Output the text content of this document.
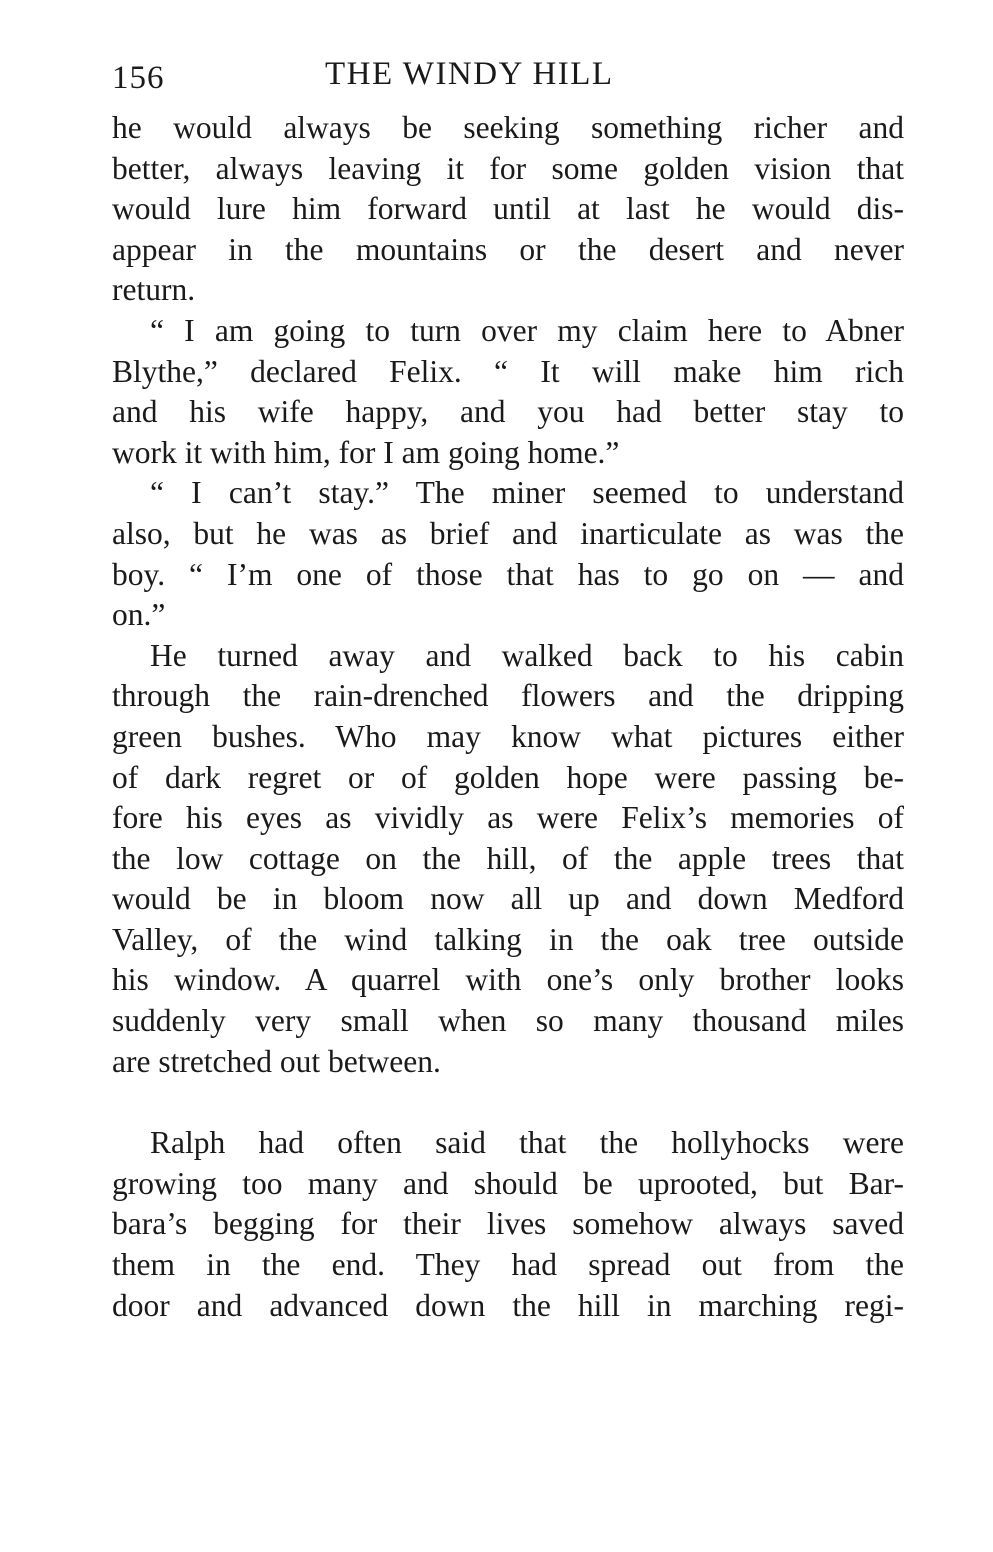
156	THE WINDY HILL
he would always be seeking something richer and
better, always leaving it for some golden vision that
would lure him forward until at last he would dis-
appear in the mountains or the desert and never
return.
“ I am going to turn over my claim here to Abner
Blythe,” declared Felix. “ It will make him rich
and his wife happy, and you had better stay to
work it with him, for I am going home.”
“ I can’t stay.” The miner seemed to understand
also, but he was as brief and inarticulate as was the
boy. “ I’m one of those that has to go on — and
on.”
He turned away and walked back to his cabin
through the rain-drenched flowers and the dripping
green bushes. Who may know what pictures either
of dark regret or of golden hope were passing be-
fore his eyes as vividly as were Felix’s memories of
the low cottage on the hill, of the apple trees that
would be in bloom now all up and down Medford
Valley, of the wind talking in the oak tree outside
his window. A quarrel with one’s only brother looks
suddenly very small when so many thousand miles
are stretched out between.
Ralph had often said that the hollyhocks were
growing too many and should be uprooted, but Bar-
bara’s begging for their lives somehow always saved
them in the end. They had spread out from the
door and advanced down the hill in marching regi-
